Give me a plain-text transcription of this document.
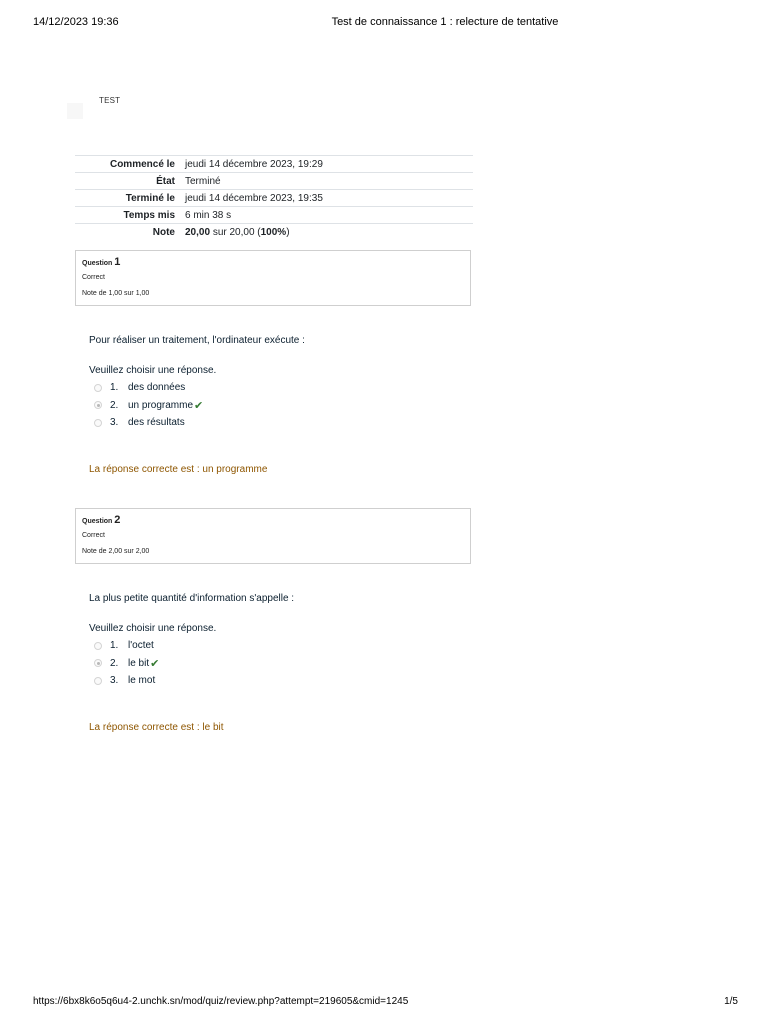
14/12/2023 19:36	Test de connaissance 1 : relecture de tentative
TEST
Commencé le	jeudi 14 décembre 2023, 19:29
État	Terminé
Terminé le	jeudi 14 décembre 2023, 19:35
Temps mis	6 min 38 s
Note	20,00 sur 20,00 (100%)
Question 1
Correct
Note de 1,00 sur 1,00
Pour réaliser un traitement, l'ordinateur exécute :
Veuillez choisir une réponse.
1. des données
2. un programme ✔
3. des résultats
La réponse correcte est : un programme
Question 2
Correct
Note de 2,00 sur 2,00
La plus petite quantité d'information s'appelle :
Veuillez choisir une réponse.
1. l'octet
2. le bit ✔
3. le mot
La réponse correcte est : le bit
https://6bx8k6o5q6u4-2.unchk.sn/mod/quiz/review.php?attempt=219605&cmid=1245	1/5
